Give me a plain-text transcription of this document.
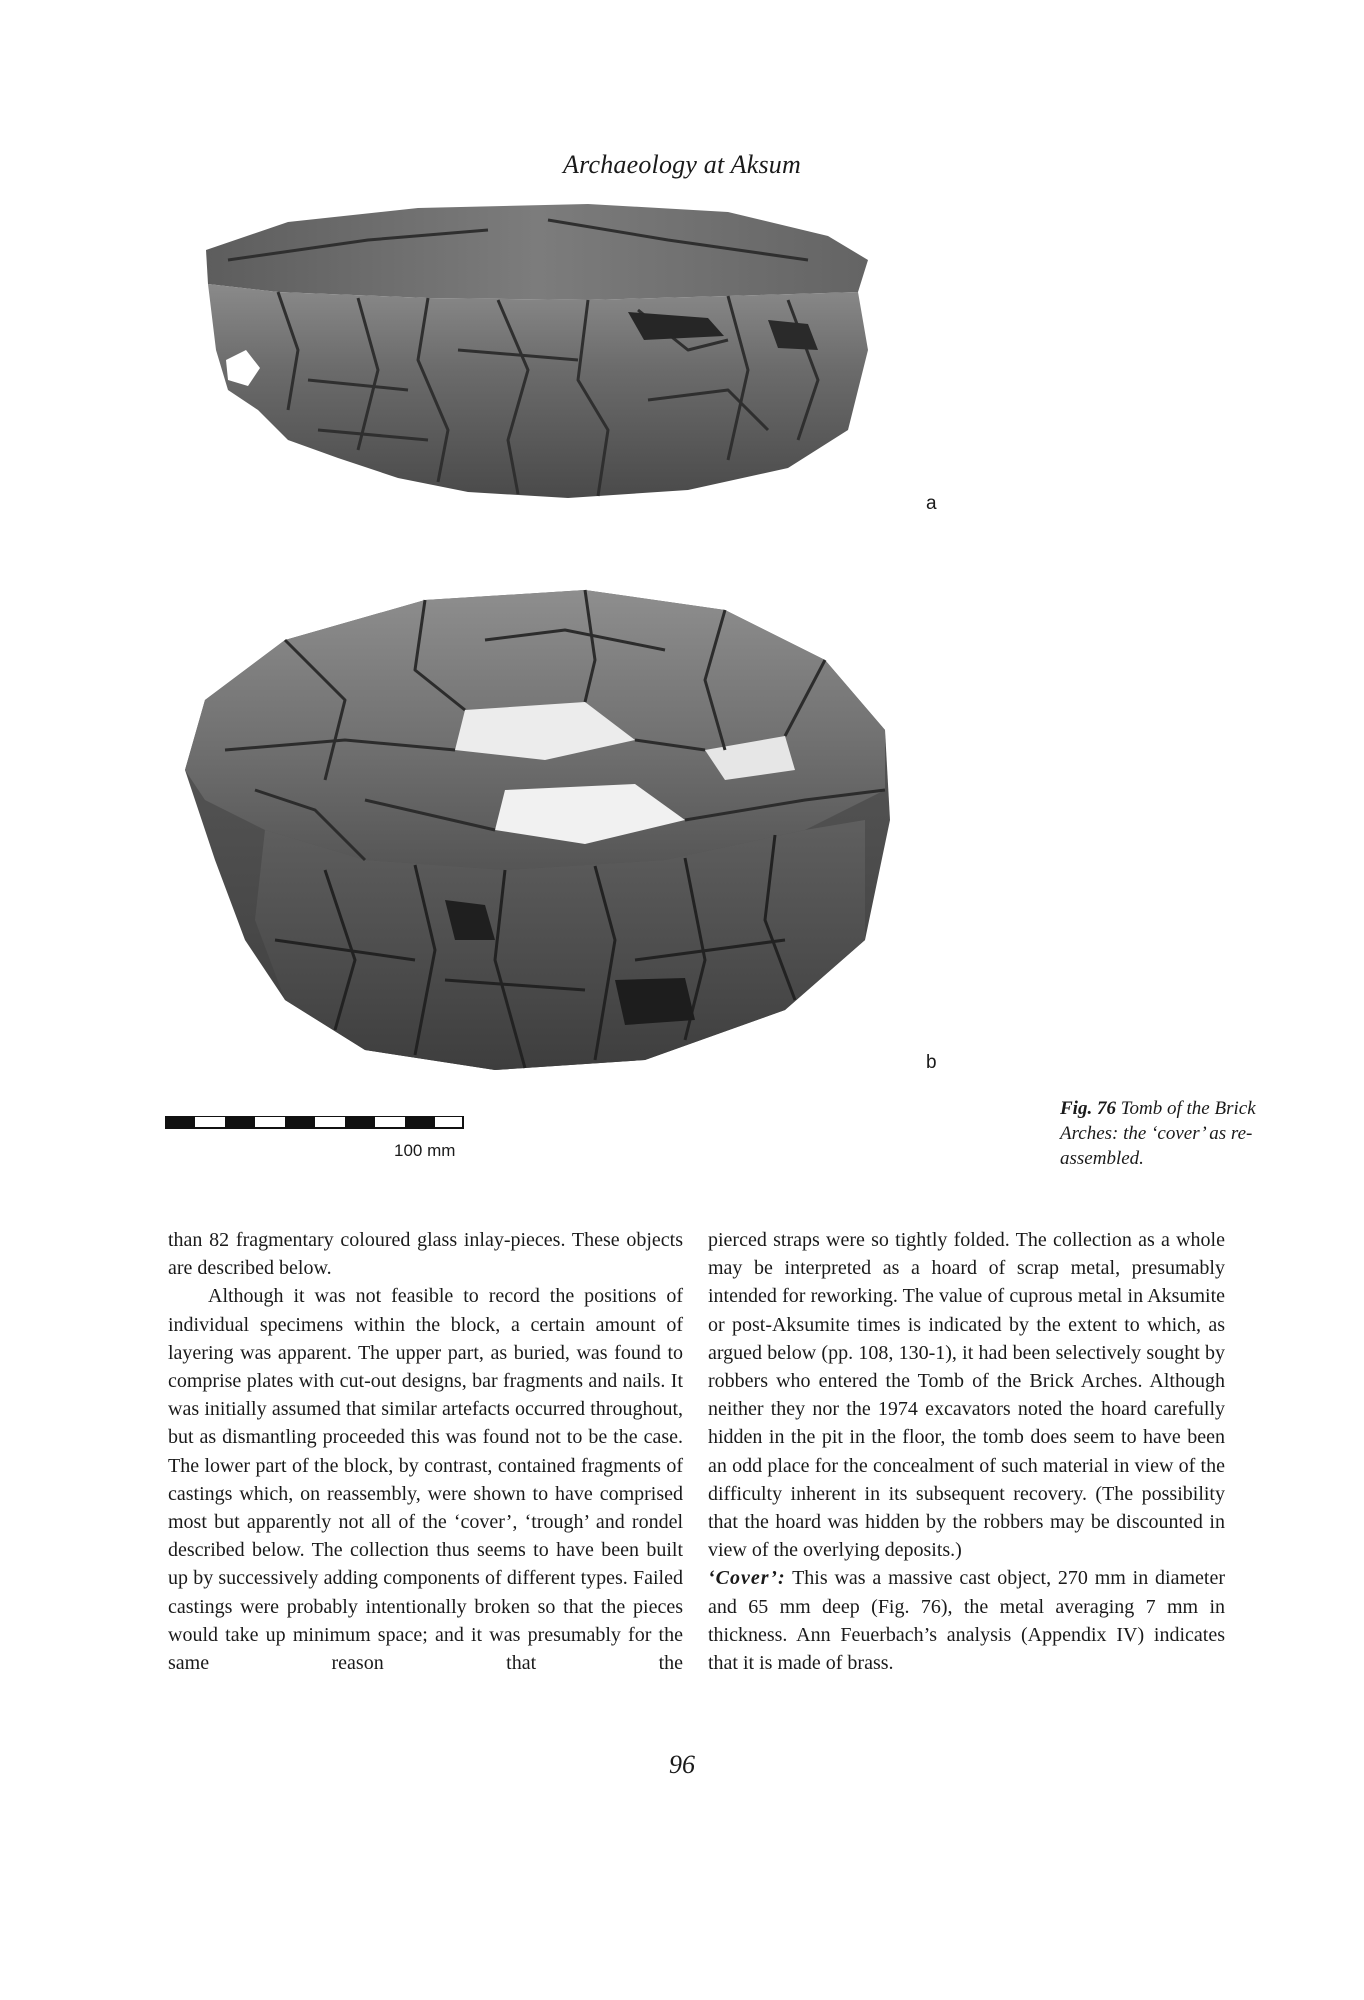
Archaeology at Aksum
a
b
100 mm
Fig. 76 Tomb of the Brick Arches: the ‘cover’ as re-assembled.

than 82 fragmentary coloured glass inlay-pieces. These objects are described below.

Although it was not feasible to record the positions of individual specimens within the block, a certain amount of layering was apparent. The upper part, as buried, was found to comprise plates with cut-out designs, bar fragments and nails. It was initially assumed that similar artefacts occurred throughout, but as dismantling proceeded this was found not to be the case. The lower part of the block, by contrast, contained fragments of castings which, on reassembly, were shown to have comprised most but apparently not all of the ‘cover’, ‘trough’ and rondel described below. The collection thus seems to have been built up by successively adding components of different types. Failed castings were probably intentionally broken so that the pieces would take up minimum space; and it was presumably for the same reason that the

pierced straps were so tightly folded. The collection as a whole may be interpreted as a hoard of scrap metal, presumably intended for reworking. The value of cuprous metal in Aksumite or post-Aksumite times is indicated by the extent to which, as argued below (pp. 108, 130-1), it had been selectively sought by robbers who entered the Tomb of the Brick Arches. Although neither they nor the 1974 excavators noted the hoard carefully hidden in the pit in the floor, the tomb does seem to have been an odd place for the concealment of such material in view of the difficulty inherent in its subsequent recovery. (The possibility that the hoard was hidden by the robbers may be discounted in view of the overlying deposits.)

‘Cover’: This was a massive cast object, 270 mm in diameter and 65 mm deep (Fig. 76), the metal averaging 7 mm in thickness. Ann Feuerbach’s analysis (Appendix IV) indicates that it is made of brass.

96
